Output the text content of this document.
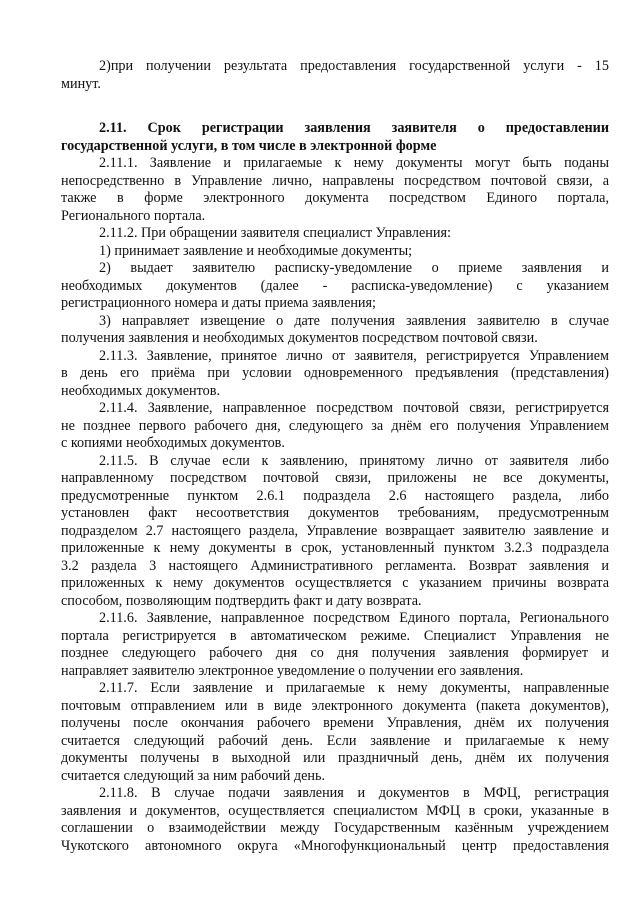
2)при получении результата предоставления государственной услуги - 15
минут.
2.11. Срок регистрации заявления заявителя о предоставлении
государственной услуги, в том числе в электронной форме
2.11.1. Заявление и прилагаемые к нему документы могут быть поданы
непосредственно в Управление лично, направлены посредством почтовой связи, а
также в форме электронного документа посредством Единого портала,
Регионального портала.
2.11.2. При обращении заявителя специалист Управления:
1) принимает заявление и необходимые документы;
2) выдает заявителю расписку-уведомление о приеме заявления и
необходимых документов (далее - расписка-уведомление) с указанием
регистрационного номера и даты приема заявления;
3) направляет извещение о дате получения заявления заявителю в случае
получения заявления и необходимых документов посредством почтовой связи.
2.11.3. Заявление, принятое лично от заявителя, регистрируется Управлением
в день его приёма при условии одновременного предъявления (представления)
необходимых документов.
2.11.4. Заявление, направленное посредством почтовой связи, регистрируется
не позднее первого рабочего дня, следующего за днём его получения Управлением
с копиями необходимых документов.
2.11.5. В случае если к заявлению, принятому лично от заявителя либо
направленному посредством почтовой связи, приложены не все документы,
предусмотренные пунктом 2.6.1 подраздела 2.6 настоящего раздела, либо
установлен факт несоответствия документов требованиям, предусмотренным
подразделом 2.7 настоящего раздела, Управление возвращает заявителю заявление и
приложенные к нему документы в срок, установленный пунктом 3.2.3 подраздела
3.2 раздела 3 настоящего Административного регламента. Возврат заявления и
приложенных к нему документов осуществляется с указанием причины возврата
способом, позволяющим подтвердить факт и дату возврата.
2.11.6. Заявление, направленное посредством Единого портала, Регионального
портала регистрируется в автоматическом режиме. Специалист Управления не
позднее следующего рабочего дня со дня получения заявления формирует и
направляет заявителю электронное уведомление о получении его заявления.
2.11.7. Если заявление и прилагаемые к нему документы, направленные
почтовым отправлением или в виде электронного документа (пакета документов),
получены после окончания рабочего времени Управления, днём их получения
считается следующий рабочий день. Если заявление и прилагаемые к нему
документы получены в выходной или праздничный день, днём их получения
считается следующий за ним рабочий день.
2.11.8. В случае подачи заявления и документов в МФЦ, регистрация
заявления и документов, осуществляется специалистом МФЦ в сроки, указанные в
соглашении о взаимодействии между Государственным казённым учреждением
Чукотского автономного округа «Многофункциональный центр предоставления
